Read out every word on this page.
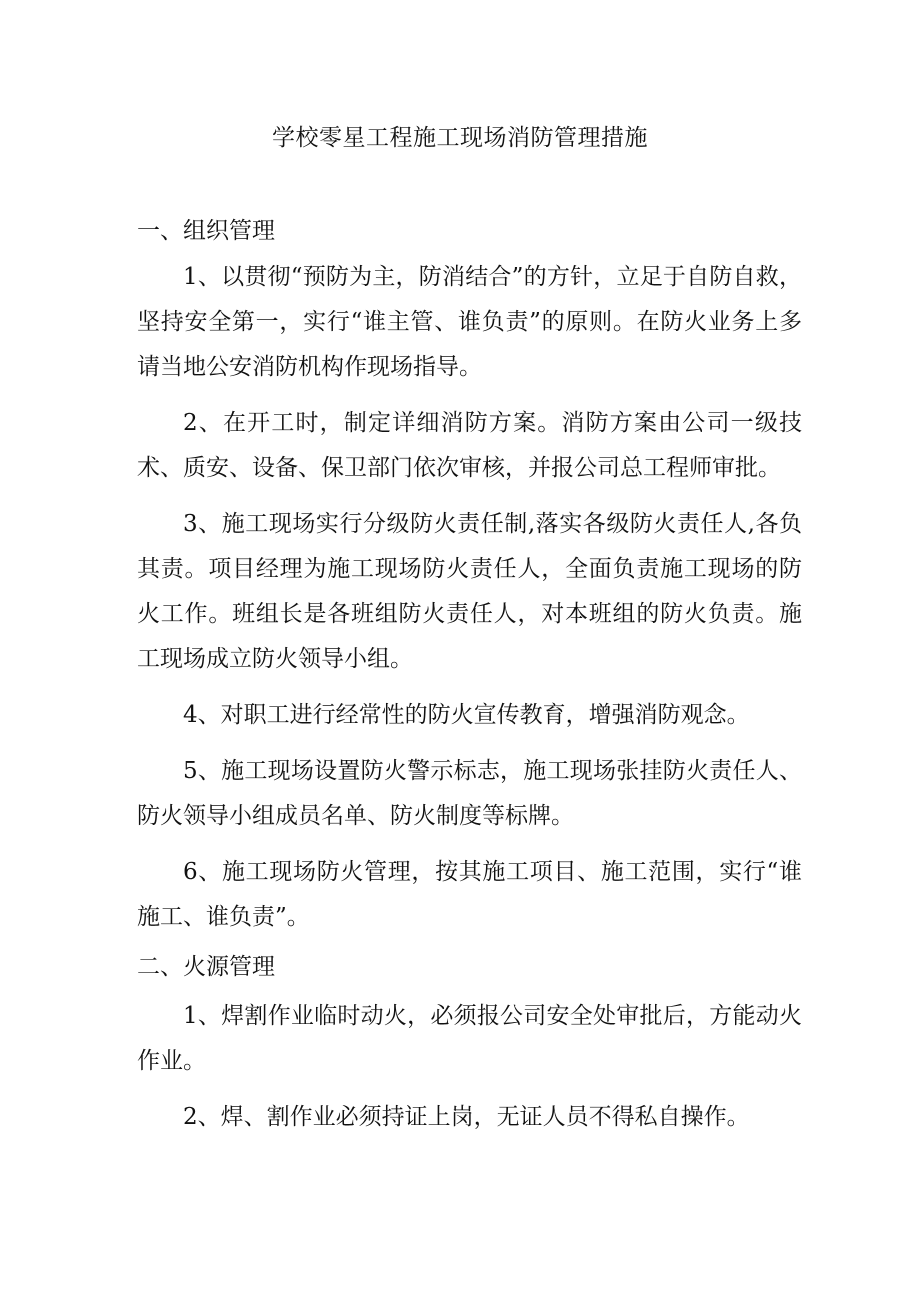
学校零星工程施工现场消防管理措施

一、组织管理

1、以贯彻“预防为主，防消结合”的方针，立足于自防自救，坚持安全第一，实行“谁主管、谁负责”的原则。在防火业务上多请当地公安消防机构作现场指导。

2、在开工时，制定详细消防方案。消防方案由公司一级技术、质安、设备、保卫部门依次审核，并报公司总工程师审批。

3、施工现场实行分级防火责任制,落实各级防火责任人,各负其责。项目经理为施工现场防火责任人，全面负责施工现场的防火工作。班组长是各班组防火责任人，对本班组的防火负责。施工现场成立防火领导小组。

4、对职工进行经常性的防火宣传教育，增强消防观念。

5、施工现场设置防火警示标志，施工现场张挂防火责任人、防火领导小组成员名单、防火制度等标牌。

6、施工现场防火管理，按其施工项目、施工范围，实行“谁施工、谁负责”。

二、火源管理

1、焊割作业临时动火，必须报公司安全处审批后，方能动火作业。

2、焊、割作业必须持证上岗，无证人员不得私自操作。
